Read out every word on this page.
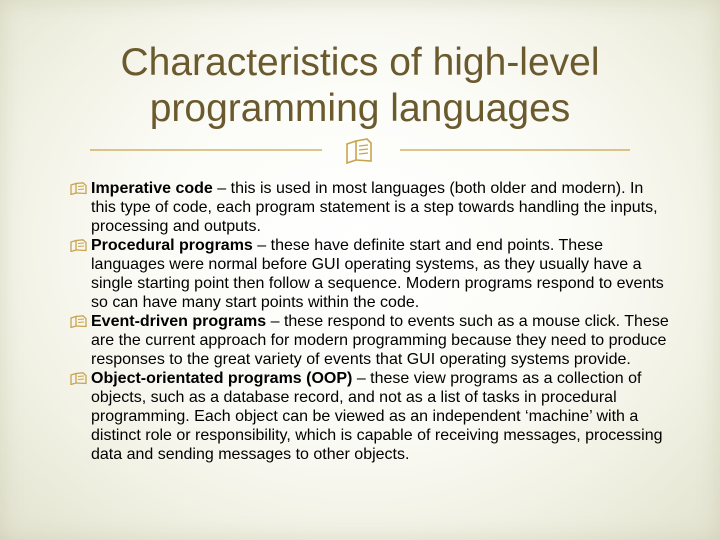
Characteristics of high-level
programming languages
Imperative code – this is used in most languages (both older and modern). In this type of code, each program statement is a step towards handling the inputs, processing and outputs.
Procedural programs – these have definite start and end points. These languages were normal before GUI operating systems, as they usually have a single starting point then follow a sequence. Modern programs respond to events so can have many start points within the code.
Event-driven programs – these respond to events such as a mouse click. These are the current approach for modern programming because they need to produce responses to the great variety of events that GUI operating systems provide.
Object-orientated programs (OOP) – these view programs as a collection of objects, such as a database record, and not as a list of tasks in procedural programming. Each object can be viewed as an independent ‘machine’ with a distinct role or responsibility, which is capable of receiving messages, processing data and sending messages to other objects.
